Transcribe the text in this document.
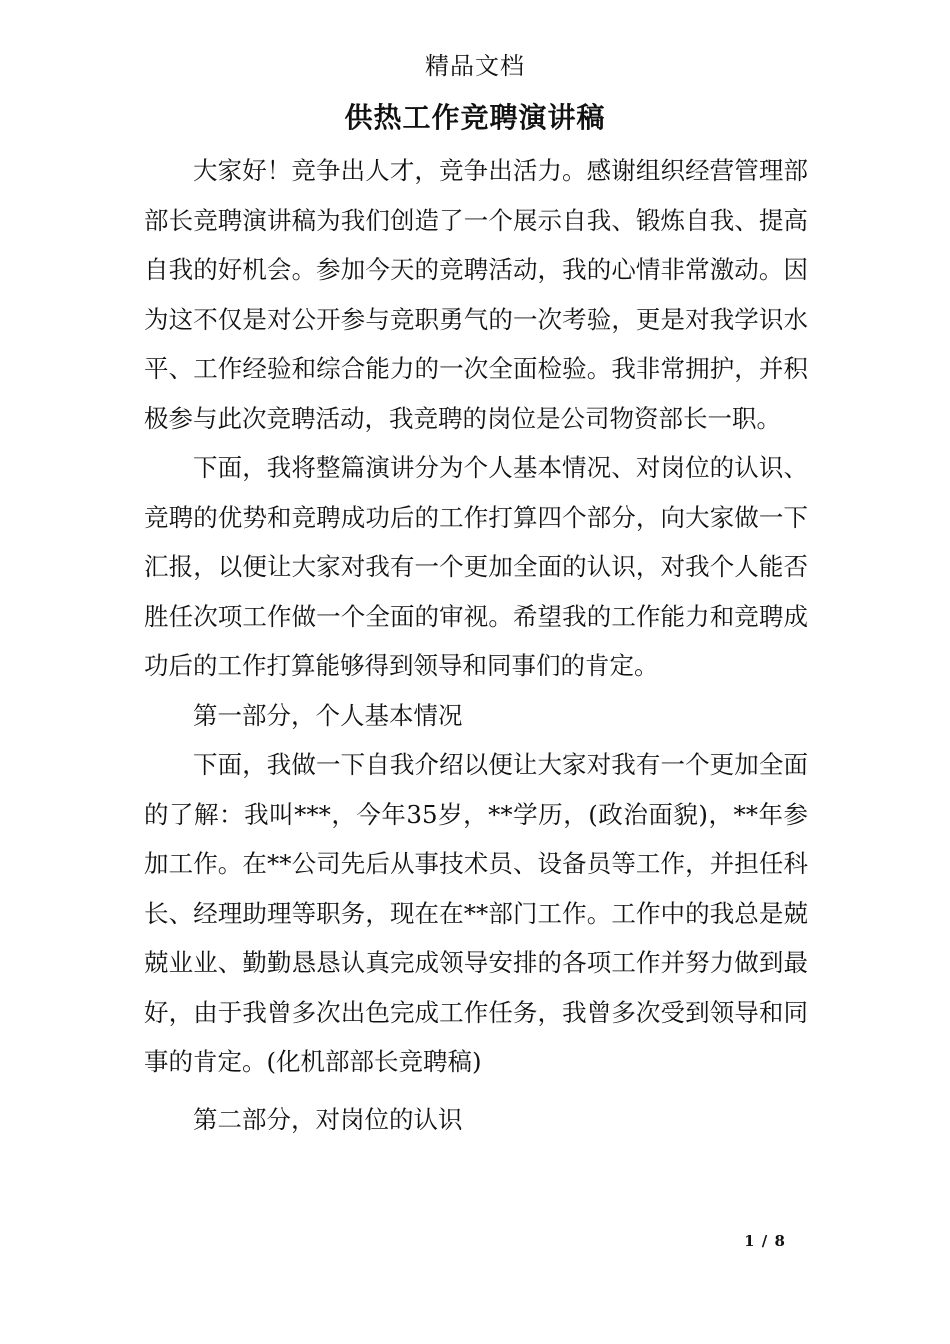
精品文档
供热工作竞聘演讲稿

大家好！竞争出人才，竞争出活力。感谢组织经营管理部部长竞聘演讲稿为我们创造了一个展示自我、锻炼自我、提高自我的好机会。参加今天的竞聘活动，我的心情非常激动。因为这不仅是对公开参与竞职勇气的一次考验，更是对我学识水平、工作经验和综合能力的一次全面检验。我非常拥护，并积极参与此次竞聘活动，我竞聘的岗位是公司物资部长一职。

下面，我将整篇演讲分为个人基本情况、对岗位的认识、竞聘的优势和竞聘成功后的工作打算四个部分，向大家做一下汇报，以便让大家对我有一个更加全面的认识，对我个人能否胜任次项工作做一个全面的审视。希望我的工作能力和竞聘成功后的工作打算能够得到领导和同事们的肯定。

第一部分，个人基本情况

下面，我做一下自我介绍以便让大家对我有一个更加全面的了解：我叫***，今年35岁，**学历，(政治面貌)，**年参加工作。在**公司先后从事技术员、设备员等工作，并担任科长、经理助理等职务，现在在**部门工作。工作中的我总是兢兢业业、勤勤恳恳认真完成领导安排的各项工作并努力做到最好，由于我曾多次出色完成工作任务，我曾多次受到领导和同事的肯定。(化机部部长竞聘稿)

第二部分，对岗位的认识

1 / 8
